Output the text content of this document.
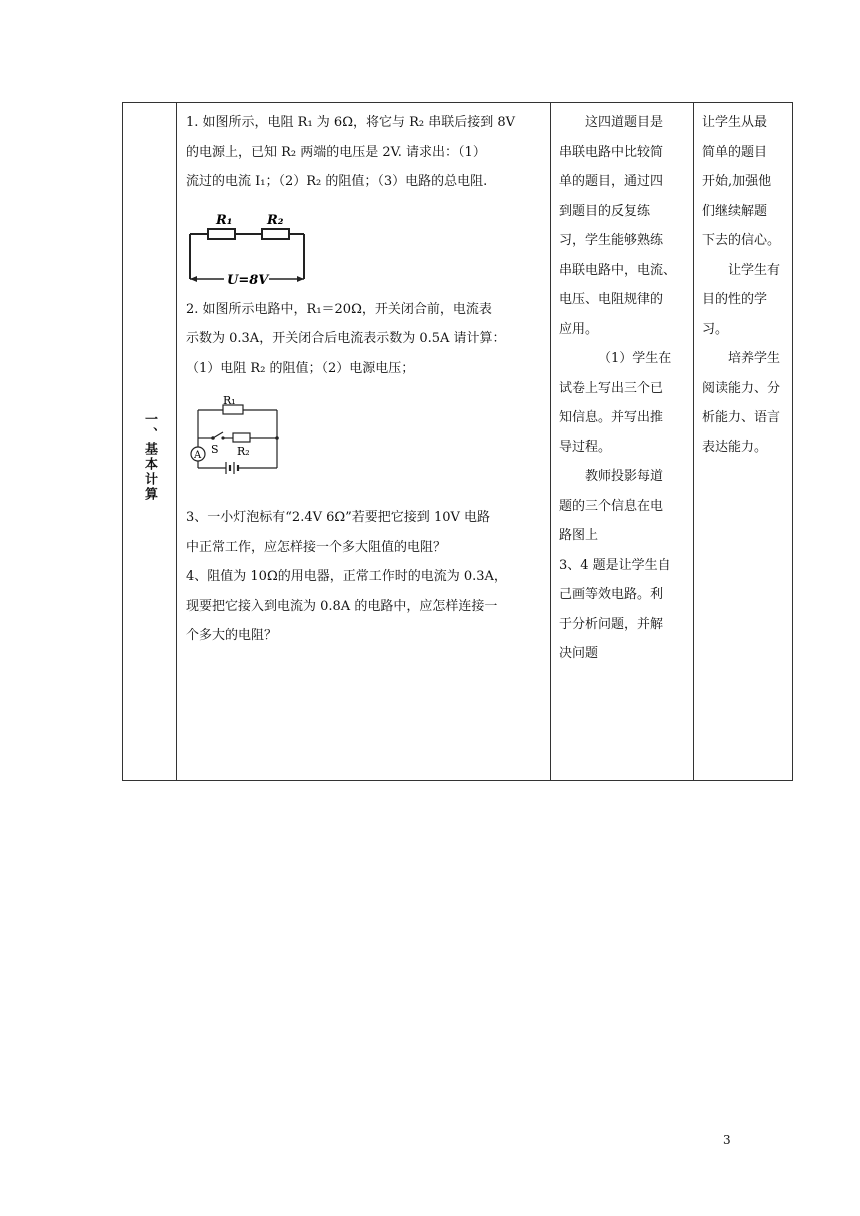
一、基本计算

1. 如图所示，电阻 R₁ 为 6Ω，将它与 R₂ 串联后接到 8V

的电源上，已知 R₂ 两端的电压是 2V. 请求出：（1）

流过的电流 I₁；（2）R₂ 的阻值；（3）电路的总电阻.

R₁	R₂
U=8V

2. 如图所示电路中，R₁＝20Ω，开关闭合前，电流表

示数为 0.3A，开关闭合后电流表示数为 0.5A 请计算：

（1）电阻 R₂ 的阻值；（2）电源电压；

A
R₁
S R₂

3、一小灯泡标有“2.4V 6Ω”若要把它接到 10V 电路

中正常工作，应怎样接一个多大阻值的电阻？

4、阻值为 10Ω的用电器，正常工作时的电流为 0.3A，

现要把它接入到电流为 0.8A 的电路中，应怎样连接一

个多大的电阻？

这四道题目是

串联电路中比较简

单的题目，通过四

到题目的反复练

习，学生能够熟练

串联电路中，电流、

电压、电阻规律的

应用。

（1）学生在

试卷上写出三个已

知信息。并写出推

导过程。

教师投影每道

题的三个信息在电

路图上

3、4 题是让学生自

己画等效电路。利

于分析问题，并解

决问题

让学生从最

简单的题目

开始,加强他

们继续解题

下去的信心。

让学生有

目的性的学

习。

培养学生

阅读能力、分

析能力、语言

表达能力。

3
